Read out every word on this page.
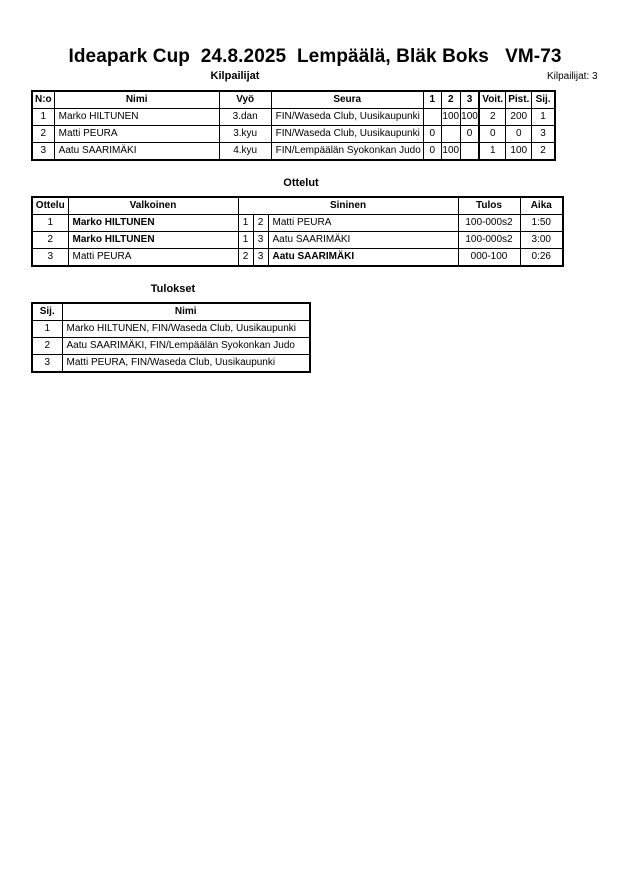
Ideapark Cup  24.8.2025  Lempäälä, Bläk Boks   VM-73
Kilpailijat	Kilpailijat: 3
N:o	Nimi	Vyö	Seura	1	2	3	Voit.	Pist.	Sij.
1	Marko HILTUNEN	3.dan	FIN/Waseda Club, Uusikaupunki		100	100	2	200	1
2	Matti PEURA	3.kyu	FIN/Waseda Club, Uusikaupunki	0		0	0	0	3
3	Aatu SAARIMÄKI	4.kyu	FIN/Lempäälän Syokonkan Judo	0	100		1	100	2
Ottelut
Ottelu	Valkoinen	Sininen			Tulos	Aika
1	Marko HILTUNEN	1	2	Matti PEURA	100-000s2	1:50
2	Marko HILTUNEN	1	3	Aatu SAARIMÄKI	100-000s2	3:00
3	Matti PEURA	2	3	Aatu SAARIMÄKI	000-100	0:26
Tulokset
Sij.	Nimi
1	Marko HILTUNEN, FIN/Waseda Club, Uusikaupunki
2	Aatu SAARIMÄKI, FIN/Lempäälän Syokonkan Judo
3	Matti PEURA, FIN/Waseda Club, Uusikaupunki
